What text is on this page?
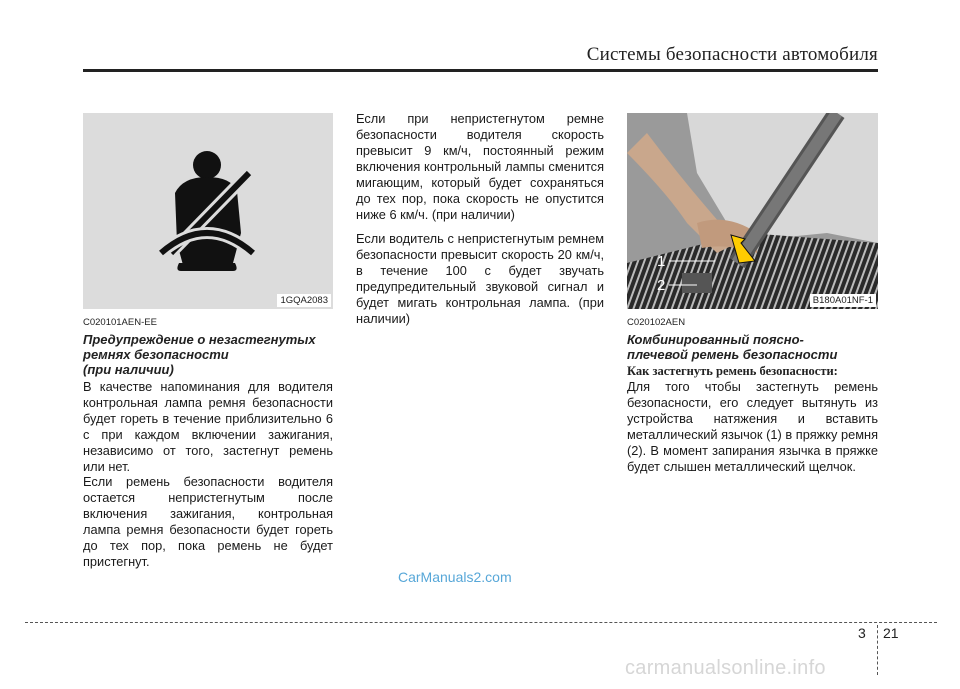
Системы безопасности автомобиля
1GQA2083
C020101AEN-EE
Предупреждение о незастегнутых
ремнях безопасности
(при наличии)

В качестве напоминания для водителя контрольная лампа ремня безопасности будет гореть в течение приблизительно 6 с при каждом включении зажигания, независимо от того, застегнут ремень или нет.

Если ремень безопасности водителя остается непристегнутым после включения зажигания, контрольная лампа ремня безопасности будет гореть до тех пор, пока ремень не будет пристегнут.

Если при непристегнутом ремне безопасности водителя скорость превысит 9 км/ч, постоянный режим включения контрольный лампы сменится мигающим, который будет сохраняться до тех пор, пока скорость не опустится ниже 6 км/ч. (при наличии)

Если водитель с непристегнутым ремнем безопасности превысит скорость 20 км/ч, в течение 100 с будет звучать предупредительный звуковой сигнал и будет мигать контрольная лампа. (при наличии)

1
2
B180A01NF-1
C020102AEN
Комбинированный поясно-
плечевой ремень безопасности
Как застегнуть ремень безопасности:

Для того чтобы застегнуть ремень безопасности, его следует вытянуть из устройства натяжения и вставить металлический язычок (1) в пряжку ремня (2). В момент запирания язычка в пряжке будет слышен металлический щелчок.

CarManuals2.com
3 21
carmanualsonline.info
